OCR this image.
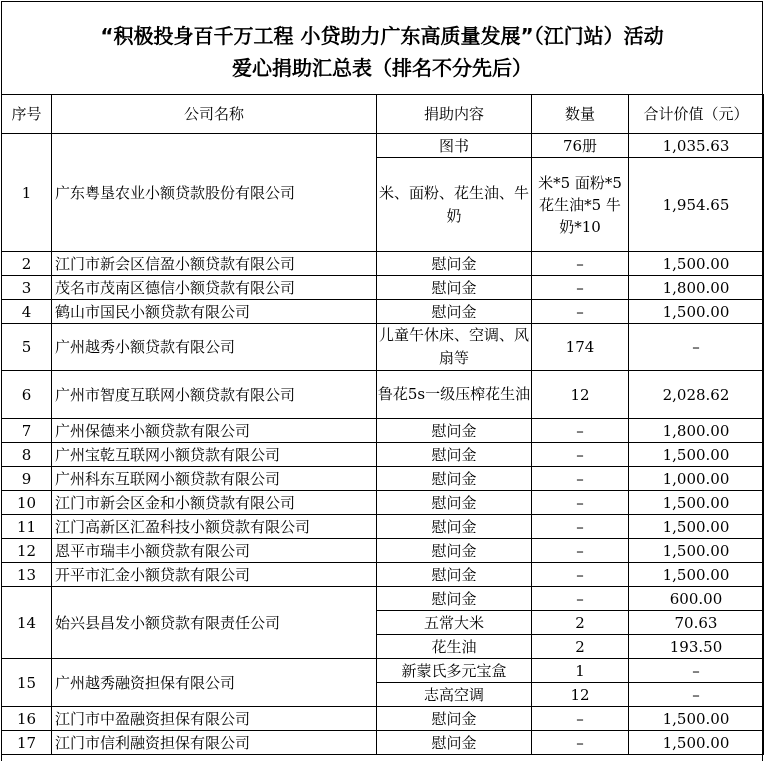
“积极投身百千万工程 小贷助力广东高质量发展”（江门站）活动
爱心捐助汇总表（排名不分先后）
序号	公司名称	捐助内容	数量	合计价值（元）
1	广东粤垦农业小额贷款股份有限公司	图书	76册	1,035.63
		米、面粉、花生油、牛奶	米*5 面粉*5 花生油*5 牛奶*10	1,954.65
2	江门市新会区信盈小额贷款有限公司	慰问金	–	1,500.00
3	茂名市茂南区德信小额贷款有限公司	慰问金	–	1,800.00
4	鹤山市国民小额贷款有限公司	慰问金	–	1,500.00
5	广州越秀小额贷款有限公司	儿童午休床、空调、风扇等	174	–
6	广州市智度互联网小额贷款有限公司	鲁花5s一级压榨花生油	12	2,028.62
7	广州保德来小额贷款有限公司	慰问金	–	1,800.00
8	广州宝乾互联网小额贷款有限公司	慰问金	–	1,500.00
9	广州科东互联网小额贷款有限公司	慰问金	–	1,000.00
10	江门市新会区金和小额贷款有限公司	慰问金	–	1,500.00
11	江门高新区汇盈科技小额贷款有限公司	慰问金	–	1,500.00
12	恩平市瑞丰小额贷款有限公司	慰问金	–	1,500.00
13	开平市汇金小额贷款有限公司	慰问金	–	1,500.00
14	始兴县昌发小额贷款有限责任公司	慰问金	–	600.00
		五常大米	2	70.63
		花生油	2	193.50
15	广州越秀融资担保有限公司	新蒙氏多元宝盒	1	–
		志高空调	12	–
16	江门市中盈融资担保有限公司	慰问金	–	1,500.00
17	江门市信利融资担保有限公司	慰问金	–	1,500.00
